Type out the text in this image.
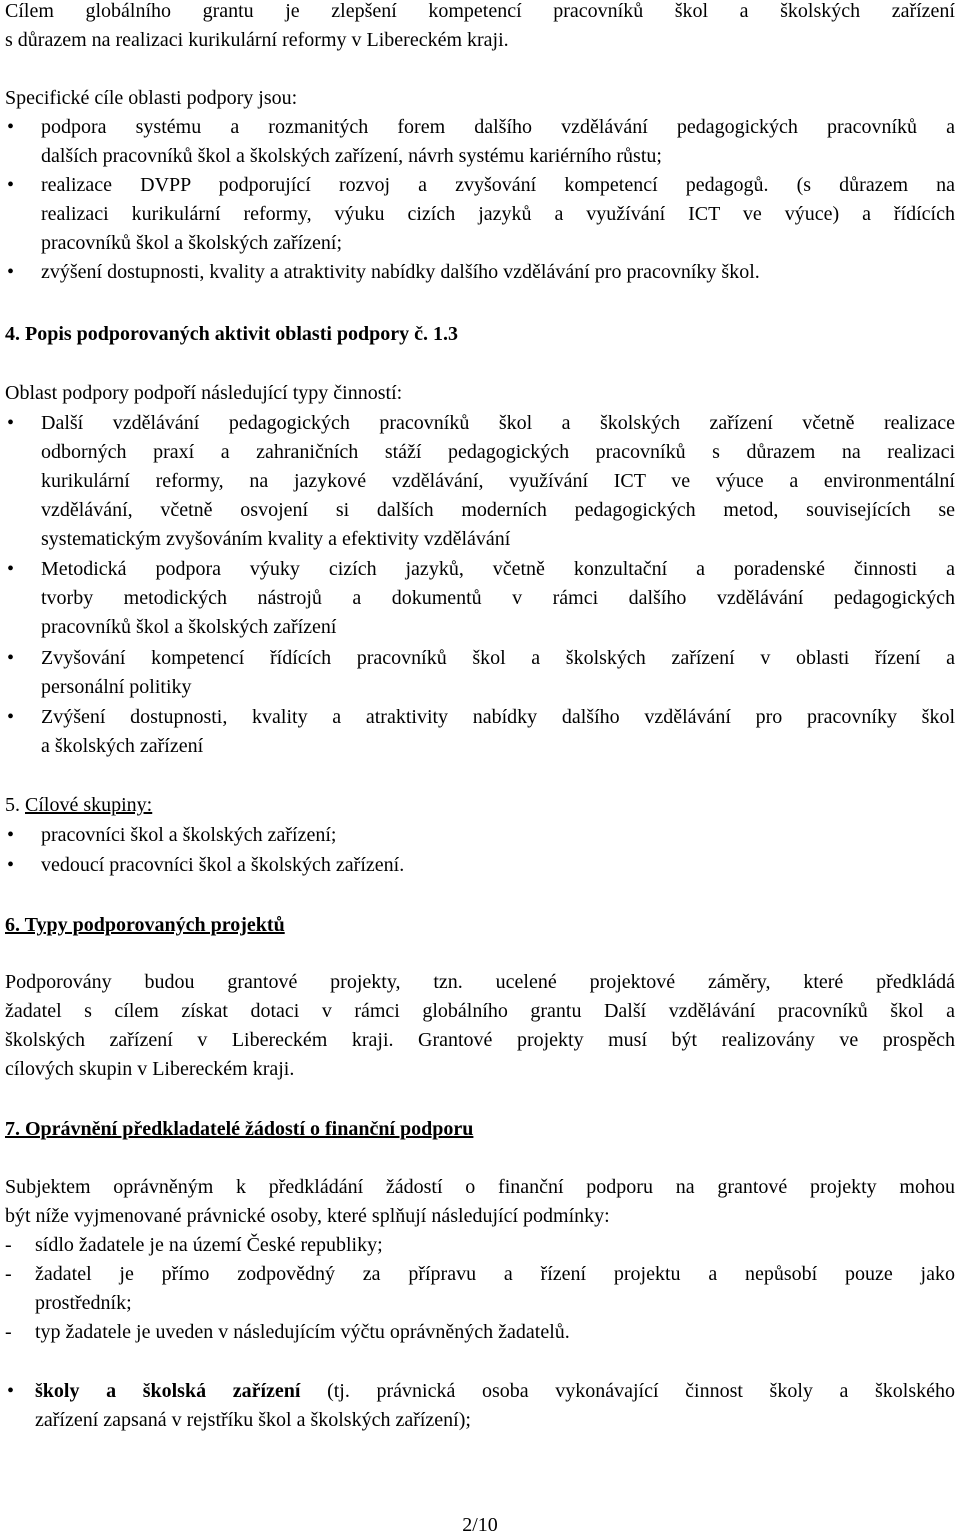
Cílem globálního grantu je zlepšení kompetencí pracovníků škol a školských zařízení
s důrazem na realizaci kurikulární reformy v Libereckém kraji.
Specifické cíle oblasti podpory jsou:
• podpora systému a rozmanitých forem dalšího vzdělávání pedagogických pracovníků a
dalších pracovníků škol a školských zařízení, návrh systému kariérního růstu;
• realizace DVPP podporující rozvoj a zvyšování kompetencí pedagogů. (s důrazem na
realizaci kurikulární reformy, výuku cizích jazyků a využívání ICT ve výuce) a řídících
pracovníků škol a školských zařízení;
• zvýšení dostupnosti, kvality a atraktivity nabídky dalšího vzdělávání pro pracovníky škol.
4. Popis podporovaných aktivit oblasti podpory č. 1.3
Oblast podpory podpoří následující typy činností:
• Další vzdělávání pedagogických pracovníků škol a školských zařízení včetně realizace
odborných praxí a zahraničních stáží pedagogických pracovníků s důrazem na realizaci
kurikulární reformy, na jazykové vzdělávání, využívání ICT ve výuce a environmentální
vzdělávání, včetně osvojení si dalších moderních pedagogických metod, souvisejících se
systematickým zvyšováním kvality a efektivity vzdělávání
• Metodická podpora výuky cizích jazyků, včetně konzultační a poradenské činnosti a
tvorby metodických nástrojů a dokumentů v rámci dalšího vzdělávání pedagogických
pracovníků škol a školských zařízení
• Zvyšování kompetencí řídících pracovníků škol a školských zařízení v oblasti řízení a
personální politiky
• Zvýšení dostupnosti, kvality a atraktivity nabídky dalšího vzdělávání pro pracovníky škol
a školských zařízení
5. Cílové skupiny:
• pracovníci škol a školských zařízení;
• vedoucí pracovníci škol a školských zařízení.
6. Typy podporovaných projektů
Podporovány budou grantové projekty, tzn. ucelené projektové záměry, které předkládá
žadatel s cílem získat dotaci v rámci globálního grantu Další vzdělávání pracovníků škol a
školských zařízení v Libereckém kraji. Grantové projekty musí být realizovány ve prospěch
cílových skupin v Libereckém kraji.
7. Oprávnění předkladatelé žádostí o finanční podporu
Subjektem oprávněným k předkládání žádostí o finanční podporu na grantové projekty mohou
být níže vyjmenované právnické osoby, které splňují následující podmínky:
- sídlo žadatele je na území České republiky;
- žadatel je přímo zodpovědný za přípravu a řízení projektu a nepůsobí pouze jako
prostředník;
- typ žadatele je uveden v následujícím výčtu oprávněných žadatelů.
• školy a školská zařízení (tj. právnická osoba vykonávající činnost školy a školského
zařízení zapsaná v rejstříku škol a školských zařízení);
2/10
